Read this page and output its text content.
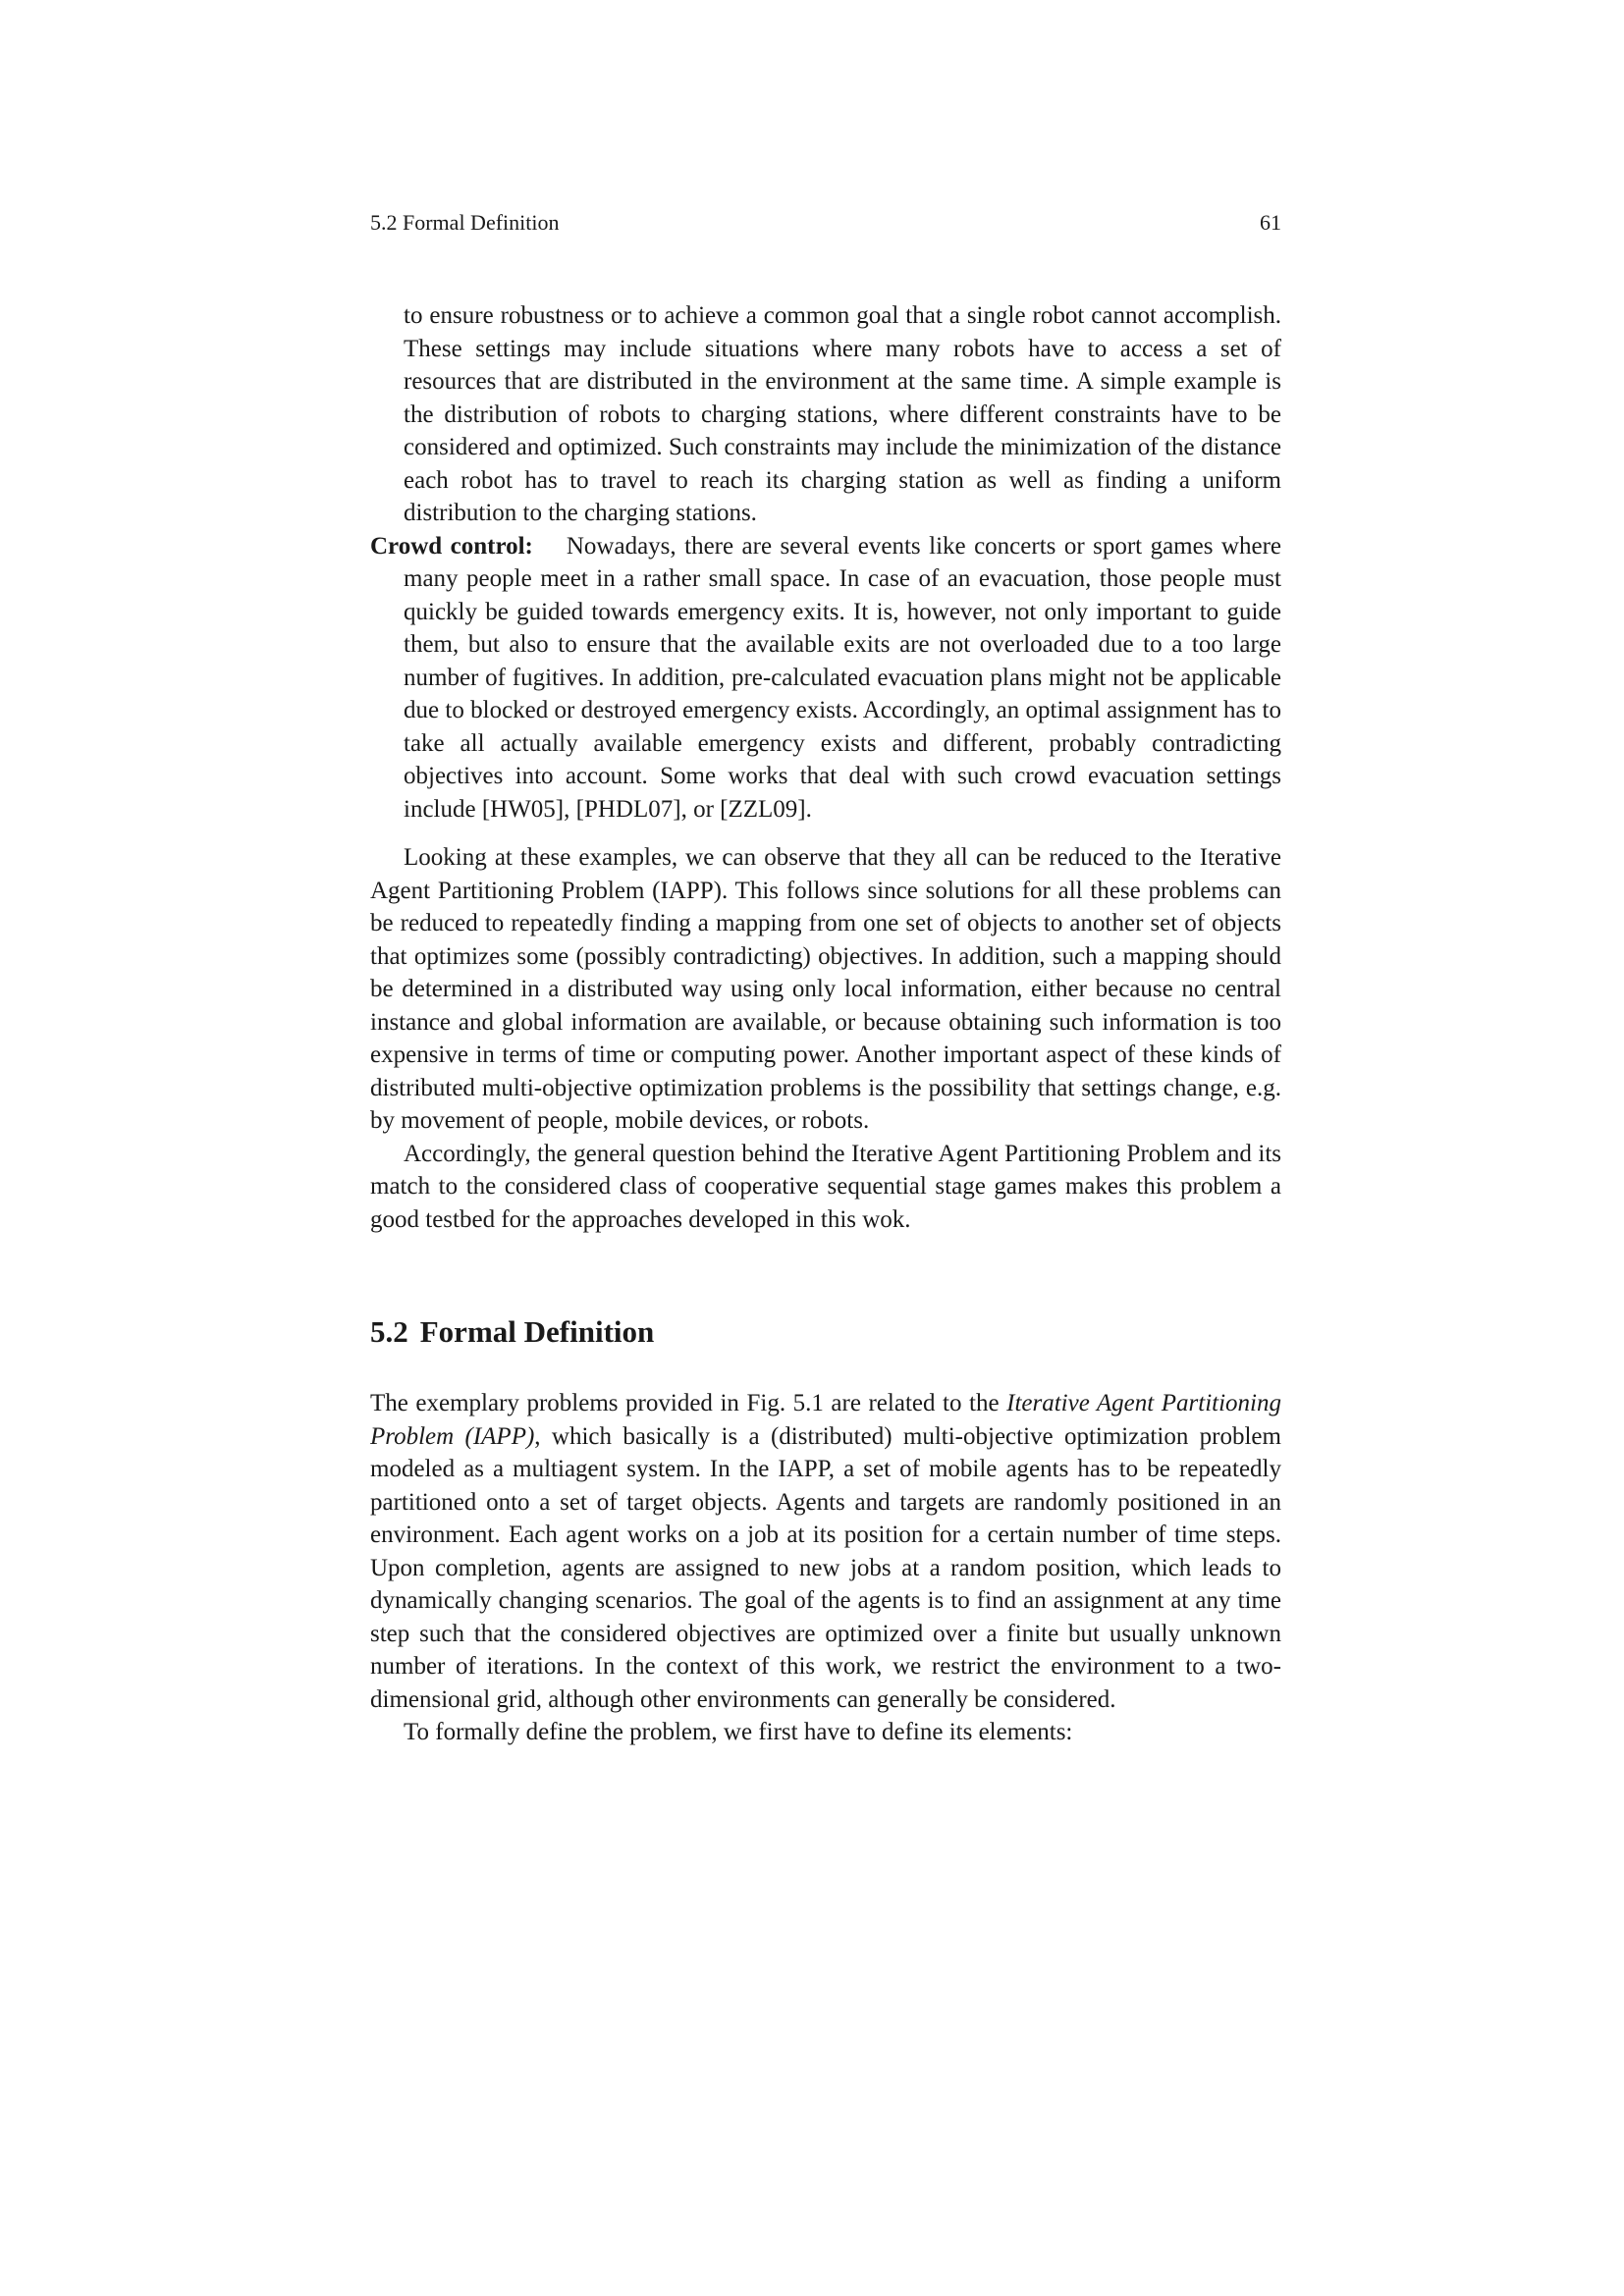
5.2 Formal Definition	61

to ensure robustness or to achieve a common goal that a single robot cannot accomplish. These settings may include situations where many robots have to access a set of resources that are distributed in the environment at the same time. A simple example is the distribution of robots to charging stations, where different constraints have to be considered and optimized. Such constraints may include the minimization of the distance each robot has to travel to reach its charging station as well as finding a uniform distribution to the charging stations.

Crowd control: Nowadays, there are several events like concerts or sport games where many people meet in a rather small space. In case of an evacuation, those people must quickly be guided towards emergency exits. It is, however, not only important to guide them, but also to ensure that the available exits are not overloaded due to a too large number of fugitives. In addition, pre-calculated evacuation plans might not be applicable due to blocked or destroyed emergency exists. Accordingly, an optimal assignment has to take all actually available emergency exists and different, probably contradicting objectives into account. Some works that deal with such crowd evacuation settings include [HW05], [PHDL07], or [ZZL09].

Looking at these examples, we can observe that they all can be reduced to the Iterative Agent Partitioning Problem (IAPP). This follows since solutions for all these problems can be reduced to repeatedly finding a mapping from one set of objects to another set of objects that optimizes some (possibly contradicting) objectives. In addition, such a mapping should be determined in a distributed way using only local information, either because no central instance and global information are available, or because obtaining such information is too expensive in terms of time or computing power. Another important aspect of these kinds of distributed multi-objective optimization problems is the possibility that settings change, e.g. by movement of people, mobile devices, or robots.

Accordingly, the general question behind the Iterative Agent Partitioning Problem and its match to the considered class of cooperative sequential stage games makes this problem a good testbed for the approaches developed in this wok.

5.2 Formal Definition

The exemplary problems provided in Fig. 5.1 are related to the Iterative Agent Partitioning Problem (IAPP), which basically is a (distributed) multi-objective optimization problem modeled as a multiagent system. In the IAPP, a set of mobile agents has to be repeatedly partitioned onto a set of target objects. Agents and targets are randomly positioned in an environment. Each agent works on a job at its position for a certain number of time steps. Upon completion, agents are assigned to new jobs at a random position, which leads to dynamically changing scenarios. The goal of the agents is to find an assignment at any time step such that the considered objectives are optimized over a finite but usually unknown number of iterations. In the context of this work, we restrict the environment to a two-dimensional grid, although other environments can generally be considered.

To formally define the problem, we first have to define its elements:
